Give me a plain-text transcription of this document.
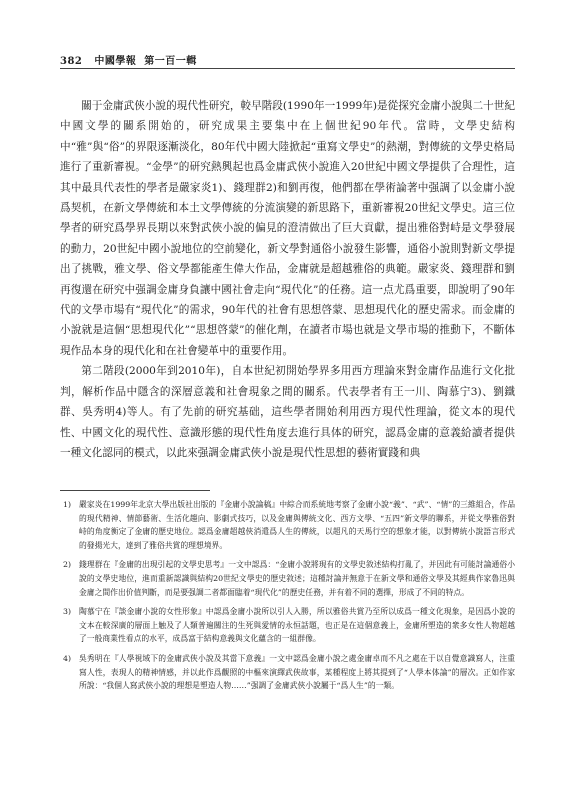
382 中國學報 第一百一輯

關于金庸武俠小說的現代性研究，較早階段(1990年一1999年)是從探究金庸小說與二十世紀中國文學的關系開始的，研究成果主要集中在上個世紀90年代。當時，文學史結构中“雅”與“俗”的界限逐漸淡化，80年代中國大陸掀起“重寫文學史”的熱潮，對傳統的文學史格局進行了重新審視。“金學”的研究熱興起也爲金庸武俠小說進入20世紀中國文學提供了合理性，這其中最具代表性的學者是嚴家炎1)、錢理群2)和劉再復，他們都在學術論著中强調了以金庸小說爲契机，在新文學傳統和本土文學傳統的分流演變的新思路下，重新審視20世紀文學史。這三位學者的研究爲學界長期以來對武俠小說的偏見的澄清做出了巨大貢獻，提出雅俗對峙是文學發展的動力，20世紀中國小說地位的空前變化，新文學對通俗小說發生影響，通俗小說則對新文學提出了挑戰，雅文學、俗文學都能產生偉大作品，金庸就是超越雅俗的典範。嚴家炎、錢理群和劉再復還在研究中强調金庸身負讓中國社會走向“現代化”的任務。這一点尤爲重要，即說明了90年代的文學市場有“現代化”的需求，90年代的社會有思想啓蒙、思想現代化的歷史需求。而金庸的小說就是這個“思想現代化”“思想啓蒙”的催化劑，在讀者市場也就是文學市場的推動下，不斷体現作品本身的現代化和在社會變革中的重要作用。

第二階段(2000年到2010年)，自本世紀初開始學界多用西方理論來對金庸作品進行文化批判，解析作品中隱含的深層意義和社會現象之間的關系。代表學者有王一川、陶慕宁3)、劉鐵群、吳秀明4)等人。有了先前的研究基础，這些學者開始利用西方現代性理論，從文本的現代性、中國文化的現代性、意識形態的現代性角度去進行具体的研究，認爲金庸的意義給讀者提供一種文化認同的模式，以此來强調金庸武俠小說是現代性思想的藝術實踐和典

1)	嚴家炎在1999年北京大學出版社出版的『金庸小說論稿』中綜合而系統地考察了金庸小說“義”、“武”、“情”的三維組合，作品的現代精神、情節藝術、生活化趨向、影劇式技巧，以及金庸與傳統文化、西方文學、“五四”新文學的聯系，并從文學雅俗對峙的角度衡定了金庸的歷史地位。認爲金庸超越俠消遣爲人生的傳統，以超凡的天馬行空的想象才能，以對傳統小說語言形式的發揚光大，達到了雅俗共賞的理想境界。
2)	錢理群在『金庸的出現引起的文學史思考』一文中認爲：“金庸小說將現有的文學史敘述結构打亂了，并因此有可能討論通俗小說的文學史地位，進而重新認識與結构20世紀文學史的歷史敘述；這種討論并無意于在新文學和通俗文學及其經典作家魯迅與金庸之間作出价值判斷，而是要强調二者都面臨着“現代化”的歷史任務，并有着不同的選擇，形成了不同的特点。
3)	陶慕宁在『談金庸小說的女性形象』中認爲金庸小說所以引人入勝，所以雅俗共賞乃至所以成爲一種文化現象，是因爲小說的文本在較深廣的層面上触及了人類普遍關注的生死與愛情的永恒話題，也正是在這個意義上，金庸所塑造的衆多女性人物超越了一般商業性看点的水平，成爲富于結构意義與文化蘊含的一組群像。
4)	吳秀明在『人學視域下的金庸武俠小說及其當下意義』一文中認爲金庸小說之處金庸卓而不凡之處在于以自覺意識寫人，注重寫人性，表現人的精神情感，并以此作爲觀照的中樞來演繹武俠故事，某種程度上將其提到了“人學本体論”的層次。正如作家所說：“我個人寫武俠小說的理想是塑造人物……”强調了金庸武俠小說屬于“爲人生”的一類。
